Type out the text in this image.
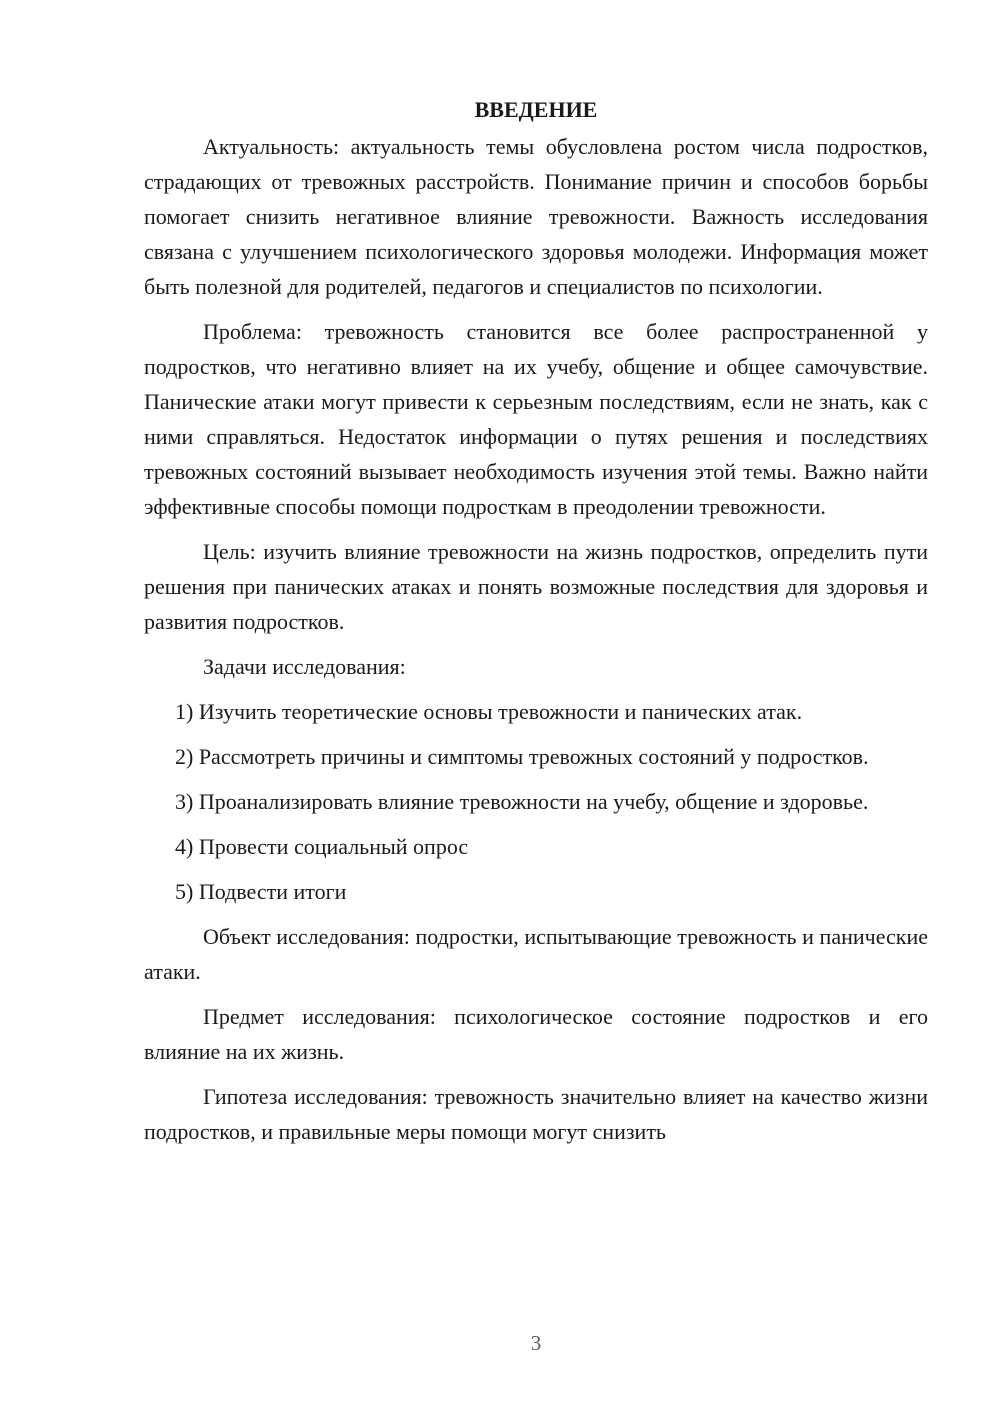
ВВЕДЕНИЕ

Актуальность: актуальность темы обусловлена ростом числа подростков, страдающих от тревожных расстройств. Понимание причин и способов борьбы помогает снизить негативное влияние тревожности. Важность исследования связана с улучшением психологического здоровья молодежи. Информация может быть полезной для родителей, педагогов и специалистов по психологии.

Проблема: тревожность становится все более распространенной у подростков, что негативно влияет на их учебу, общение и общее самочувствие. Панические атаки могут привести к серьезным последствиям, если не знать, как с ними справляться. Недостаток информации о путях решения и последствиях тревожных состояний вызывает необходимость изучения этой темы. Важно найти эффективные способы помощи подросткам в преодолении тревожности.

Цель: изучить влияние тревожности на жизнь подростков, определить пути решения при панических атаках и понять возможные последствия для здоровья и развития подростков.

Задачи исследования:

1) Изучить теоретические основы тревожности и панических атак.

2) Рассмотреть причины и симптомы тревожных состояний у подростков.

3) Проанализировать влияние тревожности на учебу, общение и здоровье.

4) Провести социальный опрос

5) Подвести итоги

Объект исследования: подростки, испытывающие тревожность и панические атаки.

Предмет исследования: психологическое состояние подростков и его влияние на их жизнь.

Гипотеза исследования: тревожность значительно влияет на качество жизни подростков, и правильные меры помощи могут снизить

3
